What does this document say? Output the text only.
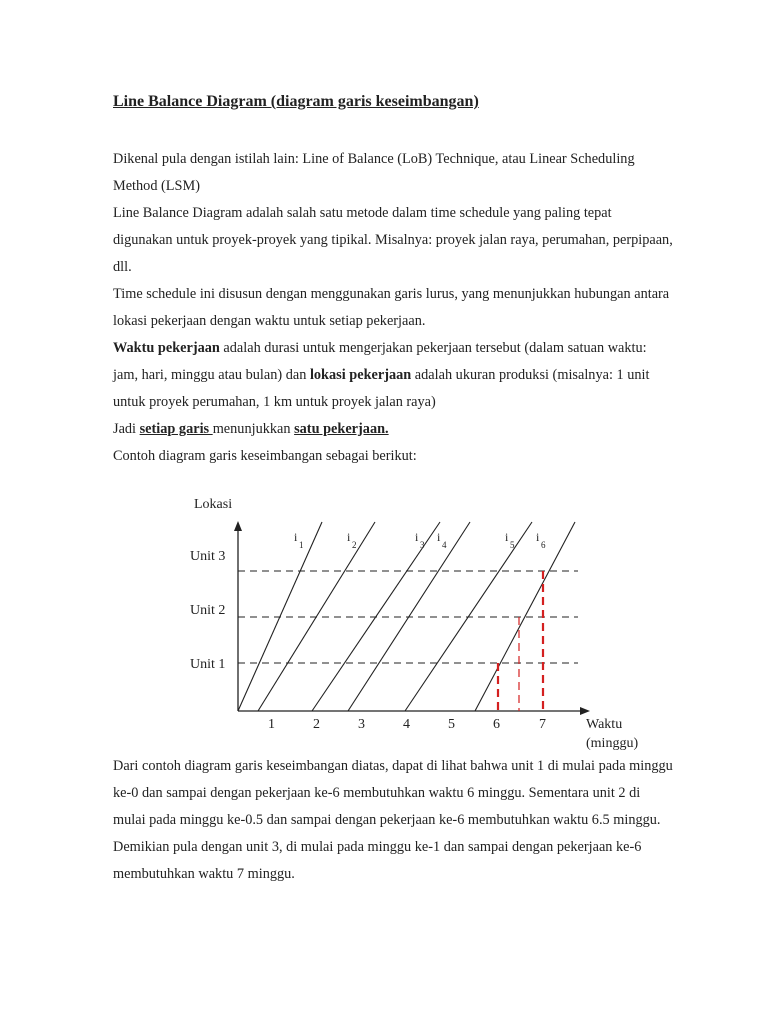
Line Balance Diagram (diagram garis keseimbangan)
Dikenal pula dengan istilah lain: Line of Balance (LoB) Technique, atau Linear Scheduling Method (LSM)
Line Balance Diagram adalah salah satu metode dalam time schedule yang paling tepat digunakan untuk proyek-proyek yang tipikal. Misalnya: proyek jalan raya, perumahan, perpipaan, dll.
Time schedule ini disusun dengan menggunakan garis lurus, yang menunjukkan hubungan antara lokasi pekerjaan dengan waktu untuk setiap pekerjaan.
Waktu pekerjaan adalah durasi untuk mengerjakan pekerjaan tersebut (dalam satuan waktu: jam, hari, minggu atau bulan) dan lokasi pekerjaan adalah ukuran produksi (misalnya: 1 unit untuk proyek perumahan, 1 km untuk proyek jalan raya)
Jadi setiap garis menunjukkan satu pekerjaan.
Contoh diagram garis keseimbangan sebagai berikut:
Lokasi
Waktu
(minggu)
Unit 3
Unit 2
Unit 1
1	2	3	4	5	6	7
i
1
i
2
i
3
i
4
i
5
i
6
Dari contoh diagram garis keseimbangan diatas, dapat di lihat bahwa unit 1 di mulai pada minggu ke-0 dan sampai dengan pekerjaan ke-6 membutuhkan waktu 6 minggu. Sementara unit 2 di mulai pada minggu ke-0.5 dan sampai dengan pekerjaan ke-6 membutuhkan waktu 6.5 minggu. Demikian pula dengan unit 3, di mulai pada minggu ke-1 dan sampai dengan pekerjaan ke-6 membutuhkan waktu 7 minggu.
